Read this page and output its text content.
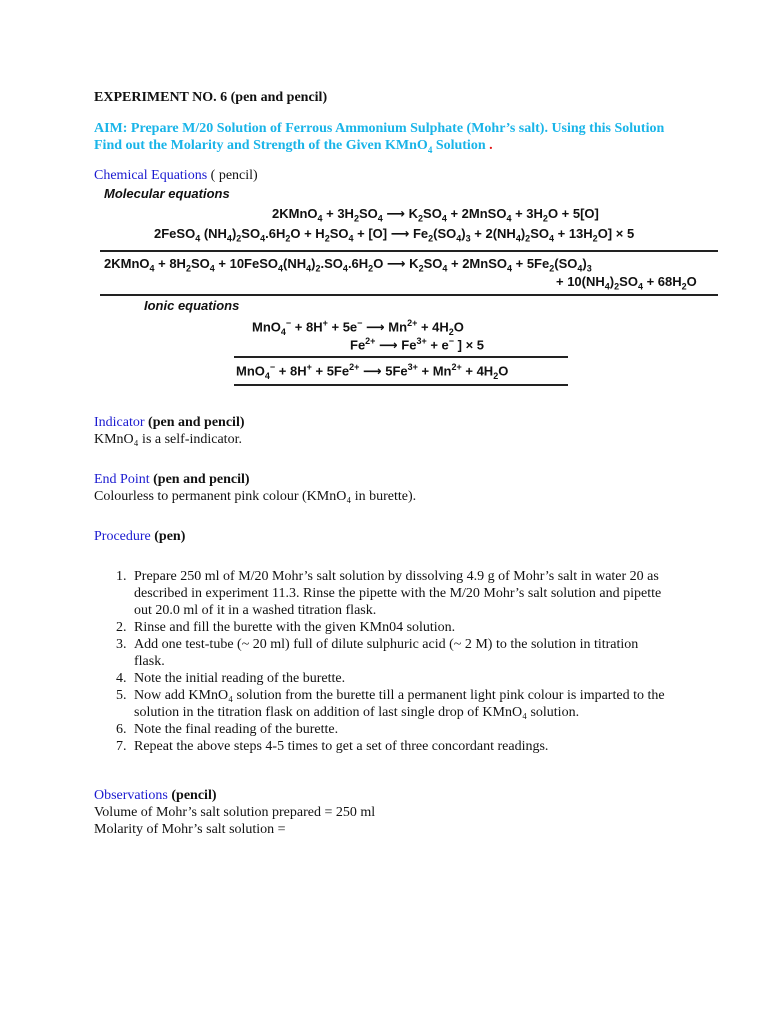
EXPERIMENT NO. 6 (pen and pencil)
AIM: Prepare M/20 Solution of Ferrous Ammonium Sulphate (Mohr’s salt). Using this Solution Find out the Molarity and Strength of the Given KMnO$_4$ Solution .
Chemical Equations ( pencil)
Molecular equations
2KMnO$_4$ + $3H_2SO_4$ ⟶ $K_2SO_4$ + 2MnSO$_4$ + $3H_2O + 5[O]$
2FeSO$_4$ $(NH_4)_2SO_4.6H_2O + H_2SO_4 + [O]$ ⟶ $Fe_2(SO_4)_3 + 2(NH_4)_2SO_4 + 13H_2O] \times 5$
2KMnO$_4$ + $8H_2SO_4$ + $10FeSO_4(NH_4)_2.SO_4.6H_2O$ ⟶ $K_2SO_4$ + 2MnSO$_4$ + $5Fe_2(SO_4)_3$
+ $10(NH_4)_2SO_4 + 68H_2O$
Ionic equations
MnO$_4$− + 8H+ + 5e− ⟶ $Mn^{2+} + 4H_2O$
$Fe^{2+}$ ⟶ $Fe^{3+} + e^-$ ] × 5
$MnO_4^- + 8H^+ + 5Fe^{2+}$ ⟶ $5Fe^{3+} + Mn^{2+} + 4H_2O$
Indicator (pen and pencil)
KMnO₄ is a self-indicator.
End Point (pen and pencil)
Colourless to permanent pink colour (KMnO₄ in burette).
Procedure (pen)
1. Prepare 250 ml of M/20 Mohr’s salt solution by dissolving 4.9 g of Mohr’s salt in water 20 as described in experiment 11.3. Rinse the pipette with the M/20 Mohr’s salt solution and pipette out 20.0 ml of it in a washed titration flask.
2. Rinse and fill the burette with the given KMn04 solution.
3. Add one test-tube (~ 20 ml) full of dilute sulphuric acid (~ 2 M) to the solution in titration flask.
4. Note the initial reading of the burette.
5. Now add KMnO₄ solution from the burette till a permanent light pink colour is imparted to the solution in the titration flask on addition of last single drop of KMnO₄ solution.
6. Note the final reading of the burette.
7. Repeat the above steps 4-5 times to get a set of three concordant readings.
Observations (pencil)
Volume of Mohr’s salt solution prepared = 250 ml
Molarity of Mohr’s salt solution =
